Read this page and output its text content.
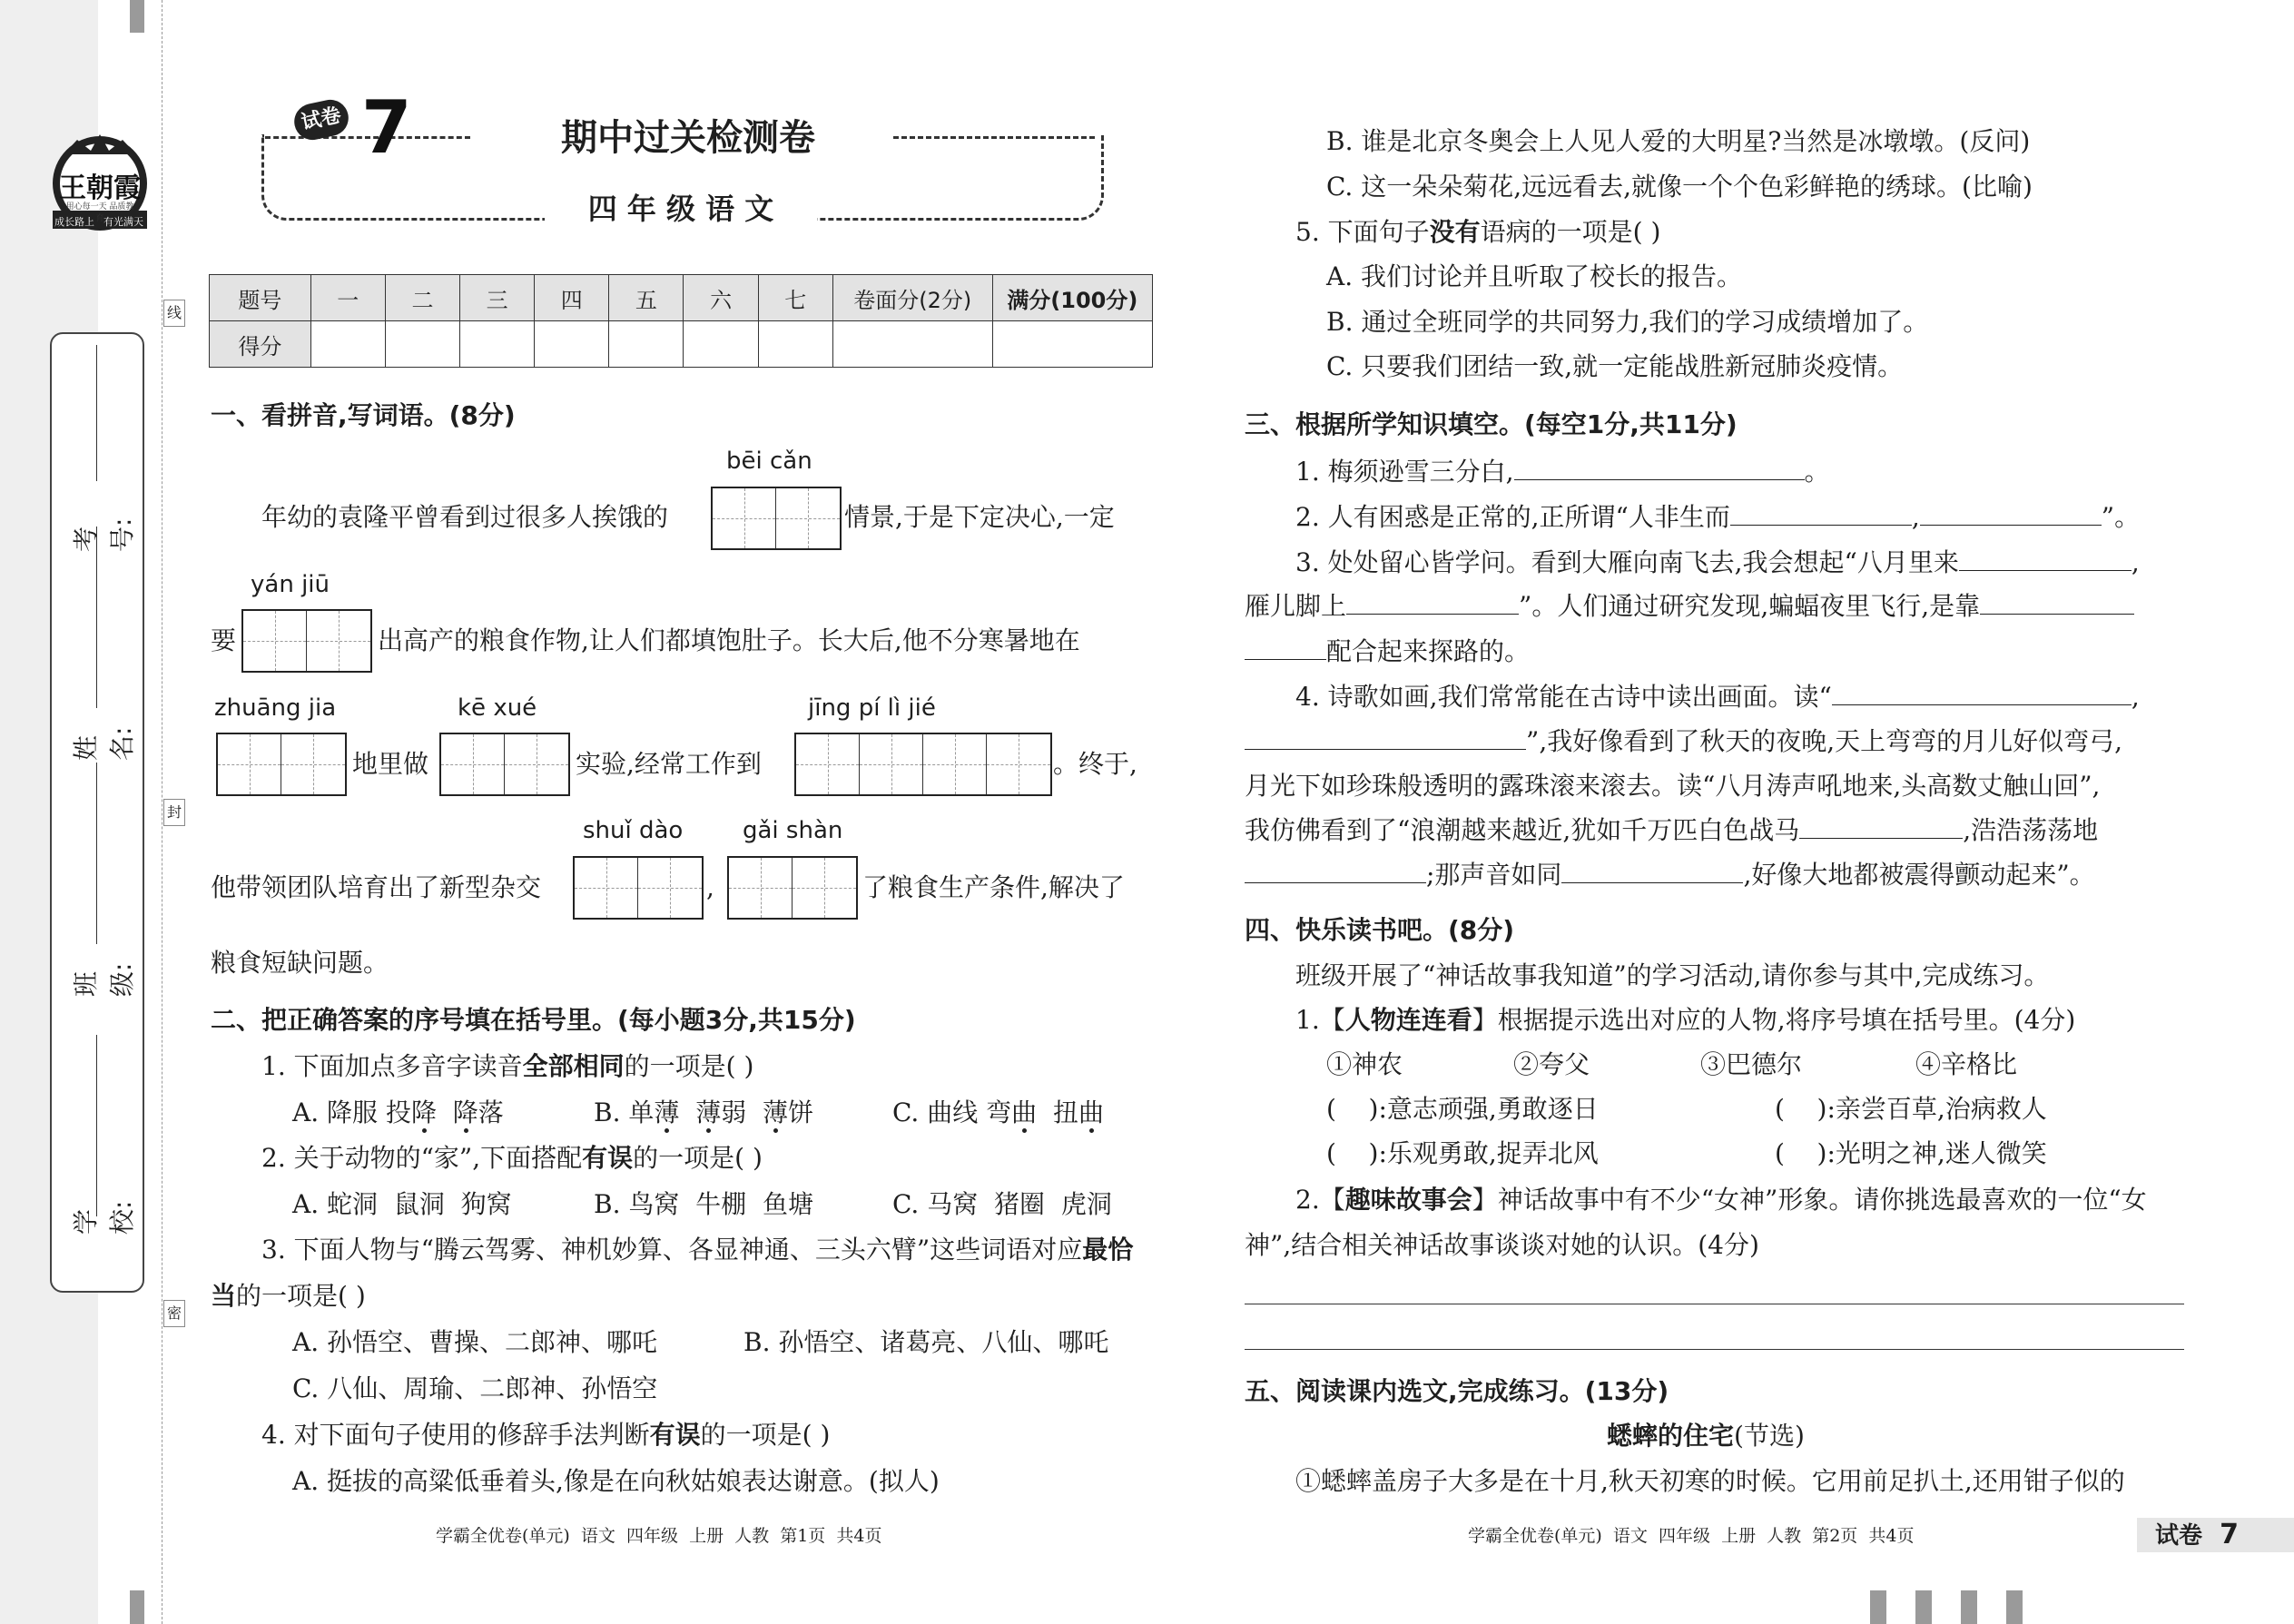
王朝霞
用心每一天 品质教育
成长路上 有光满天
学校:
班级:
姓名:
考号:
线
封
密
试卷 7	期中过关检测卷
四 年 级 语 文
题号	一	二	三	四	五	六	七	卷面分(2分)	满分(100分)
得分									
一、看拼音,写词语。(8分)
bēi cǎn
年幼的袁隆平曾看到过很多人挨饿的	情景,于是下定决心,一定
yán jiū
要	出高产的粮食作物,让人们都填饱肚子。长大后,他不分寒暑地在
zhuāng jia
地里做
kē xué
实验,经常工作到
jīng pí lì jié
。终于,
shuǐ dào
他带领团队培育出了新型杂交	,
gǎi shàn
了粮食生产条件,解决了
粮食短缺问题。
二、把正确答案的序号填在括号里。(每小题3分,共15分)
1. 下面加点多音字读音全部相同的一项是( )
A. 降服 投降 降落	B. 单薄 薄弱  薄饼	C. 曲线 弯曲  扭曲
2. 关于动物的“家”,下面搭配有误的一项是( )
A. 蛇洞  鼠洞  狗窝	B. 鸟窝  牛棚  鱼塘	C. 马窝  猪圈  虎洞
3. 下面人物与“腾云驾雾、神机妙算、各显神通、三头六臂”这些词语对应最恰
当的一项是( )
A. 孙悟空、曹操、二郎神、哪吒	B. 孙悟空、诸葛亮、八仙、哪吒
C. 八仙、周瑜、二郎神、孙悟空
4. 对下面句子使用的修辞手法判断有误的一项是( )
A. 挺拔的高粱低垂着头,像是在向秋姑娘表达谢意。(拟人)
B. 谁是北京冬奥会上人见人爱的大明星?当然是冰墩墩。(反问)
C. 这一朵朵菊花,远远看去,就像一个个色彩鲜艳的绣球。(比喻)
5. 下面句子没有语病的一项是( )
A. 我们讨论并且听取了校长的报告。
B. 通过全班同学的共同努力,我们的学习成绩增加了。
C. 只要我们团结一致,就一定能战胜新冠肺炎疫情。
三、根据所学知识填空。(每空1分,共11分)
1. 梅须逊雪三分白,	。
2. 人有困惑是正常的,正所谓“人非生而	,	”。
3. 处处留心皆学问。看到大雁向南飞去,我会想起“八月里来	,
雁儿脚上	”。人们通过研究发现,蝙蝠夜里飞行,是靠
配合起来探路的。
4. 诗歌如画,我们常常能在古诗中读出画面。读“	,
”,我好像看到了秋天的夜晚,天上弯弯的月儿好似弯弓,
月光下如珍珠般透明的露珠滚来滚去。读“八月涛声吼地来,头高数丈触山回”,
我仿佛看到了“浪潮越来越近,犹如千万匹白色战马	,浩浩荡荡地
;那声音如同	,好像大地都被震得颤动起来”。
四、快乐读书吧。(8分)
班级开展了“神话故事我知道”的学习活动,请你参与其中,完成练习。
1.【人物连连看】根据提示选出对应的人物,将序号填在括号里。(4分)
①神农	②夸父	③巴德尔	④辛格比
(    ):意志顽强,勇敢逐日	(    ):亲尝百草,治病救人
(    ):乐观勇敢,捉弄北风	(    ):光明之神,迷人微笑
2.【趣味故事会】神话故事中有不少“女神”形象。请你挑选最喜欢的一位“女
神”,结合相关神话故事谈谈对她的认识。(4分)
五、阅读课内选文,完成练习。(13分)
蟋蟀的住宅(节选)
①蟋蟀盖房子大多是在十月,秋天初寒的时候。它用前足扒土,还用钳子似的
学霸全优卷(单元)  语文  四年级  上册  人教  第1页  共4页	学霸全优卷(单元)  语文  四年级  上册  人教  第2页  共4页	试卷 7
